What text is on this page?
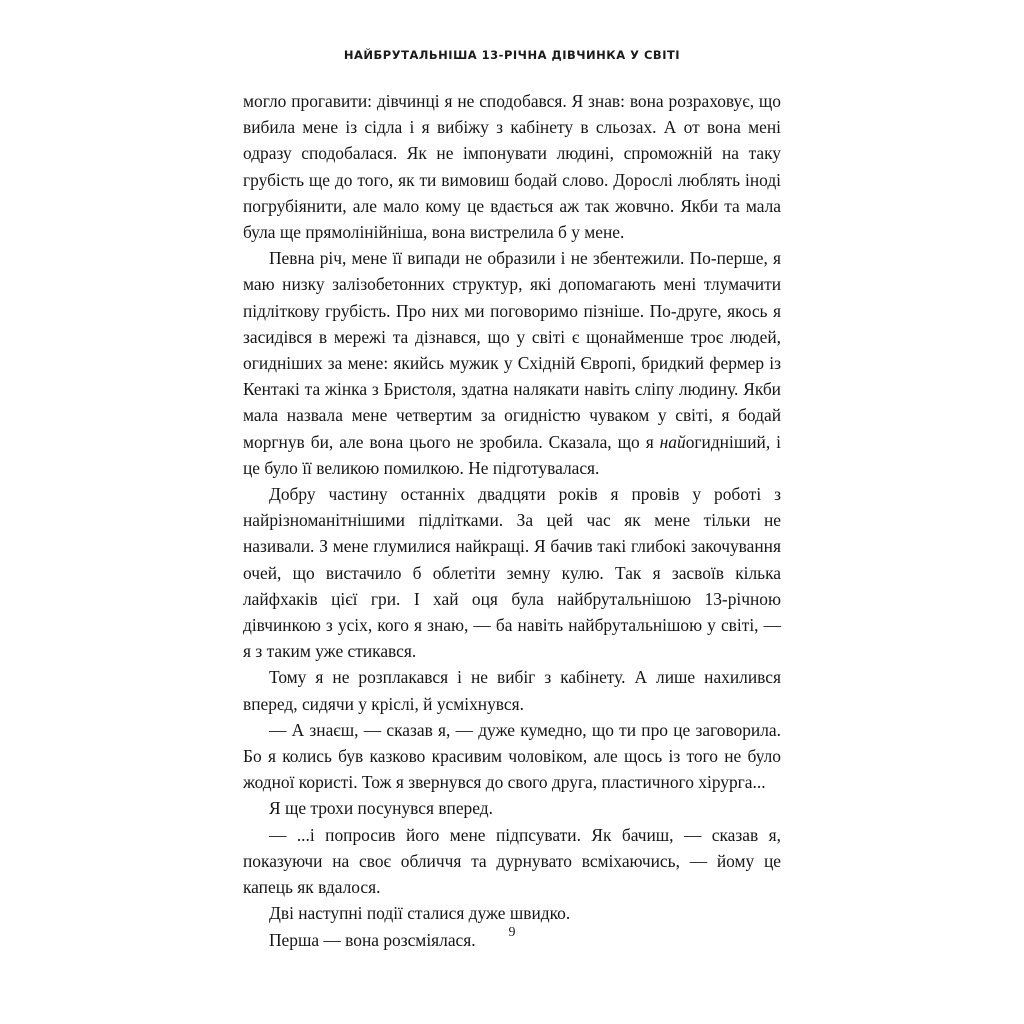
НАЙБРУТАЛЬНІША 13-РІЧНА ДІВЧИНКА У СВІТІ

могло прогавити: дівчинці я не сподобався. Я знав: вона розраховує, що вибила мене із сідла і я вибіжу з кабінету в сльозах. А от вона мені одразу сподобалася. Як не імпонувати людині, спроможній на таку грубість ще до того, як ти вимовиш бодай слово. Дорослі люблять іноді погрубіянити, але мало кому це вдається аж так жовчно. Якби та мала була ще прямолінійніша, вона вистрелила б у мене.

Певна річ, мене її випади не образили і не збентежили. По-перше, я маю низку залізобетонних структур, які допомагають мені тлумачити підліткову грубість. Про них ми поговоримо пізніше. По-друге, якось я засидівся в мережі та дізнався, що у світі є щонайменше троє людей, огидніших за мене: якийсь мужик у Східній Європі, бридкий фермер із Кентакі та жінка з Бристоля, здатна налякати навіть сліпу людину. Якби мала назвала мене четвертим за огидністю чуваком у світі, я бодай моргнув би, але вона цього не зробила. Сказала, що я найогидніший, і це було її великою помилкою. Не підготувалася.

Добру частину останніх двадцяти років я провів у роботі з найрізноманітнішими підлітками. За цей час як мене тільки не називали. З мене глумилися найкращі. Я бачив такі глибокі закочування очей, що вистачило б облетіти земну кулю. Так я засвоїв кілька лайфхаків цієї гри. І хай оця була найбрутальнішою 13-річною дівчинкою з усіх, кого я знаю, — ба навіть найбрутальнішою у світі, — я з таким уже стикався.

Тому я не розплакався і не вибіг з кабінету. А лише нахилився вперед, сидячи у кріслі, й усміхнувся.

— А знаєш, — сказав я, — дуже кумедно, що ти про це заговорила. Бо я колись був казково красивим чоловіком, але щось із того не було жодної користі. Тож я звернувся до свого друга, пластичного хірурга...

Я ще трохи посунувся вперед.

— ...і попросив його мене підпсувати. Як бачиш, — сказав я, показуючи на своє обличчя та дурнувато всміхаючись, — йому це капець як вдалося.

Дві наступні події сталися дуже швидко.

Перша — вона розсміялася.	9
